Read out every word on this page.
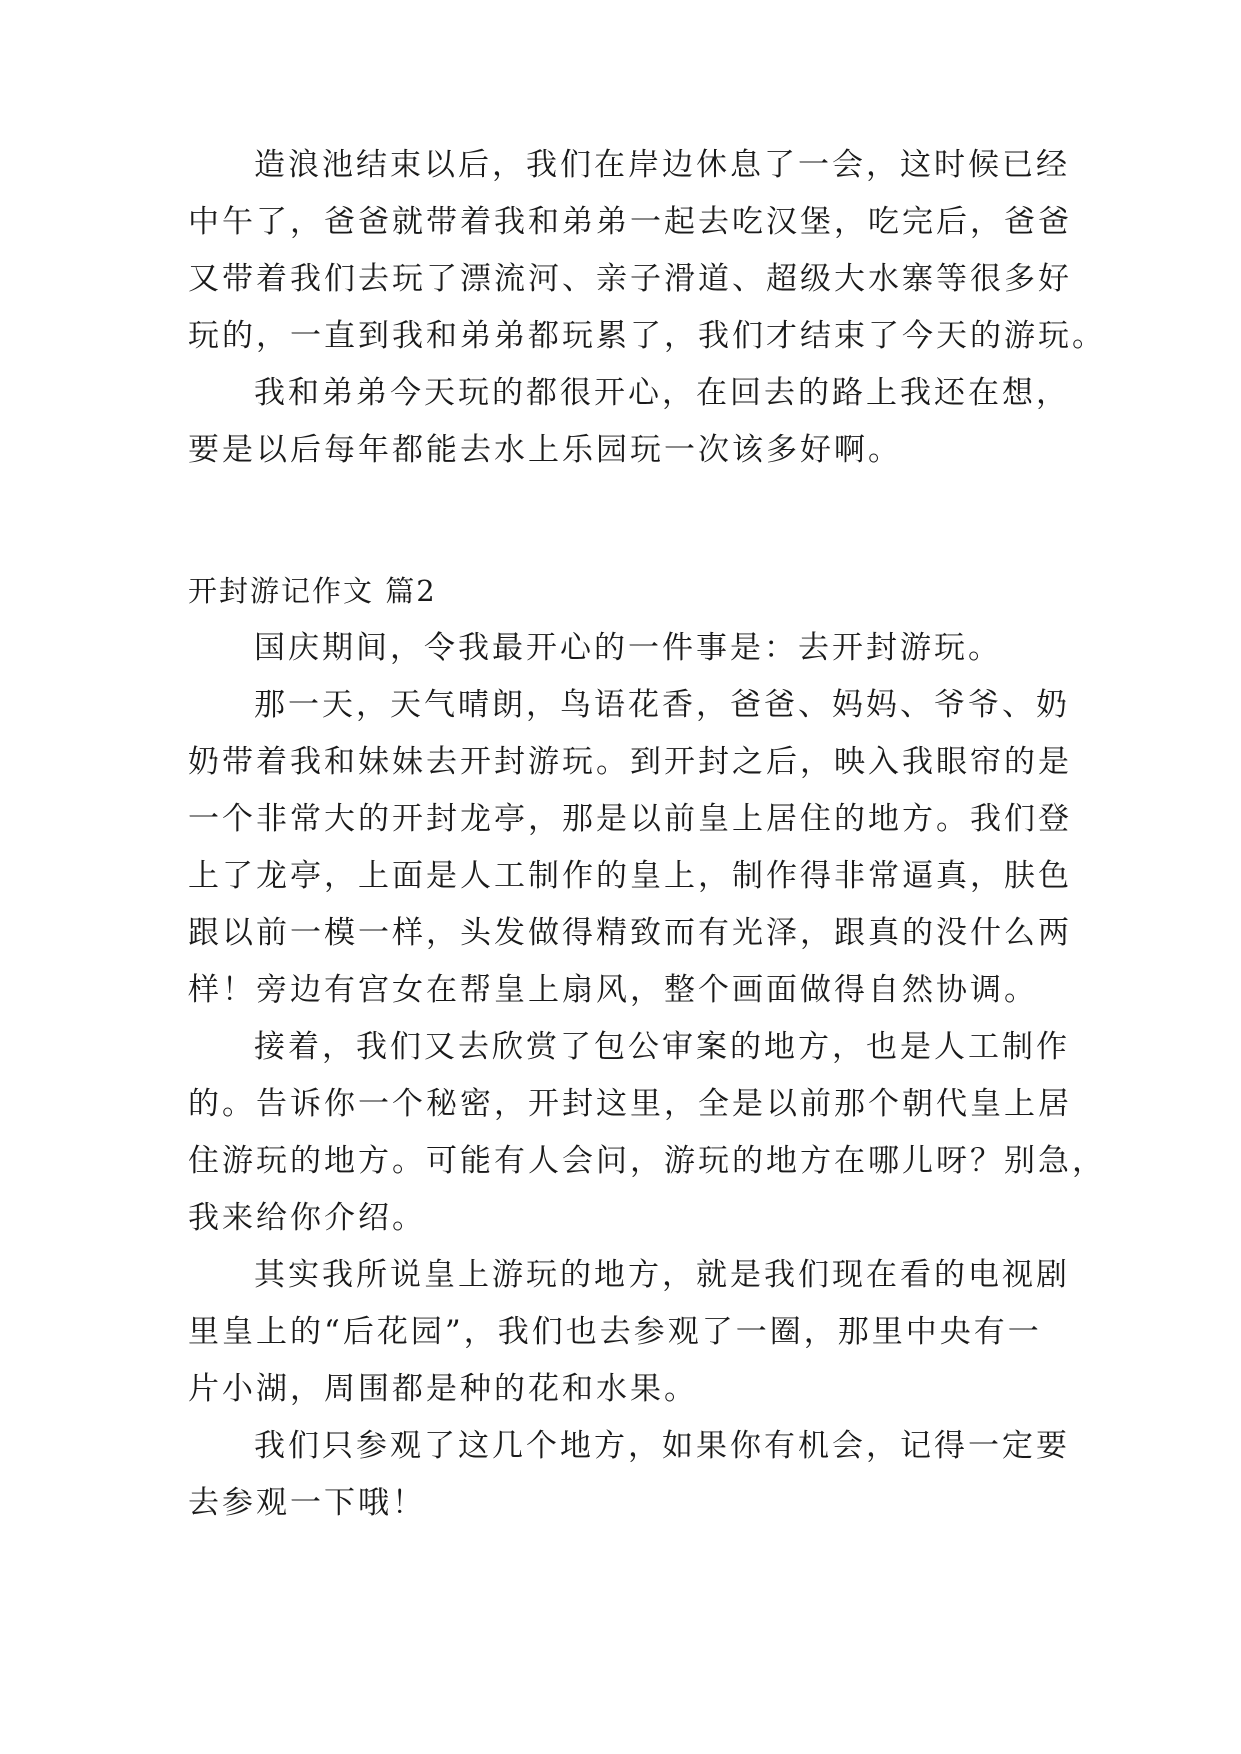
造浪池结束以后，我们在岸边休息了一会，这时候已经
中午了，爸爸就带着我和弟弟一起去吃汉堡，吃完后，爸爸
又带着我们去玩了漂流河、亲子滑道、超级大水寨等很多好
玩的，一直到我和弟弟都玩累了，我们才结束了今天的游玩。
我和弟弟今天玩的都很开心，在回去的路上我还在想，
要是以后每年都能去水上乐园玩一次该多好啊。
开封游记作文 篇2
国庆期间，令我最开心的一件事是：去开封游玩。
那一天，天气晴朗，鸟语花香，爸爸、妈妈、爷爷、奶
奶带着我和妹妹去开封游玩。到开封之后，映入我眼帘的是
一个非常大的开封龙亭，那是以前皇上居住的地方。我们登
上了龙亭，上面是人工制作的皇上，制作得非常逼真，肤色
跟以前一模一样，头发做得精致而有光泽，跟真的没什么两
样！旁边有宫女在帮皇上扇风，整个画面做得自然协调。
接着，我们又去欣赏了包公审案的地方，也是人工制作
的。告诉你一个秘密，开封这里，全是以前那个朝代皇上居
住游玩的地方。可能有人会问，游玩的地方在哪儿呀？别急，
我来给你介绍。
其实我所说皇上游玩的地方，就是我们现在看的电视剧
里皇上的“后花园”，我们也去参观了一圈，那里中央有一
片小湖，周围都是种的花和水果。
我们只参观了这几个地方，如果你有机会，记得一定要
去参观一下哦！
